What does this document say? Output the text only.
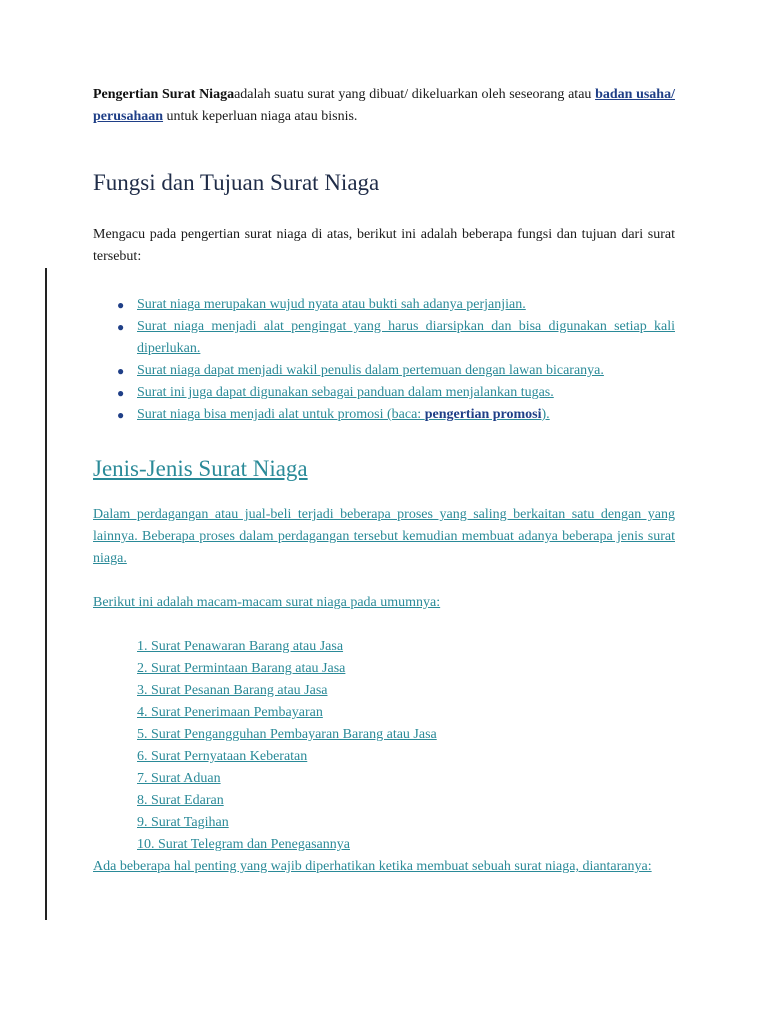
Pengertian Surat Niagaadalah suatu surat yang dibuat/ dikeluarkan oleh seseorang atau badan usaha/ perusahaan untuk keperluan niaga atau bisnis.

Fungsi dan Tujuan Surat Niaga

Mengacu pada pengertian surat niaga di atas, berikut ini adalah beberapa fungsi dan tujuan dari surat tersebut:

● Surat niaga merupakan wujud nyata atau bukti sah adanya perjanjian.
● Surat niaga menjadi alat pengingat yang harus diarsipkan dan bisa digunakan setiap kali diperlukan.
● Surat niaga dapat menjadi wakil penulis dalam pertemuan dengan lawan bicaranya.
● Surat ini juga dapat digunakan sebagai panduan dalam menjalankan tugas.
● Surat niaga bisa menjadi alat untuk promosi (baca: pengertian promosi).
Jenis-Jenis Surat Niaga

Dalam perdagangan atau jual-beli terjadi beberapa proses yang saling berkaitan satu dengan yang lainnya. Beberapa proses dalam perdagangan tersebut kemudian membuat adanya beberapa jenis surat niaga.

Berikut ini adalah macam-macam surat niaga pada umumnya:

1. Surat Penawaran Barang atau Jasa
2. Surat Permintaan Barang atau Jasa
3. Surat Pesanan Barang atau Jasa
4. Surat Penerimaan Pembayaran
5. Surat Pengangguhan Pembayaran Barang atau Jasa
6. Surat Pernyataan Keberatan
7. Surat Aduan
8. Surat Edaran
9. Surat Tagihan
10. Surat Telegram dan Penegasannya

Ada beberapa hal penting yang wajib diperhatikan ketika membuat sebuah surat niaga, diantaranya:
